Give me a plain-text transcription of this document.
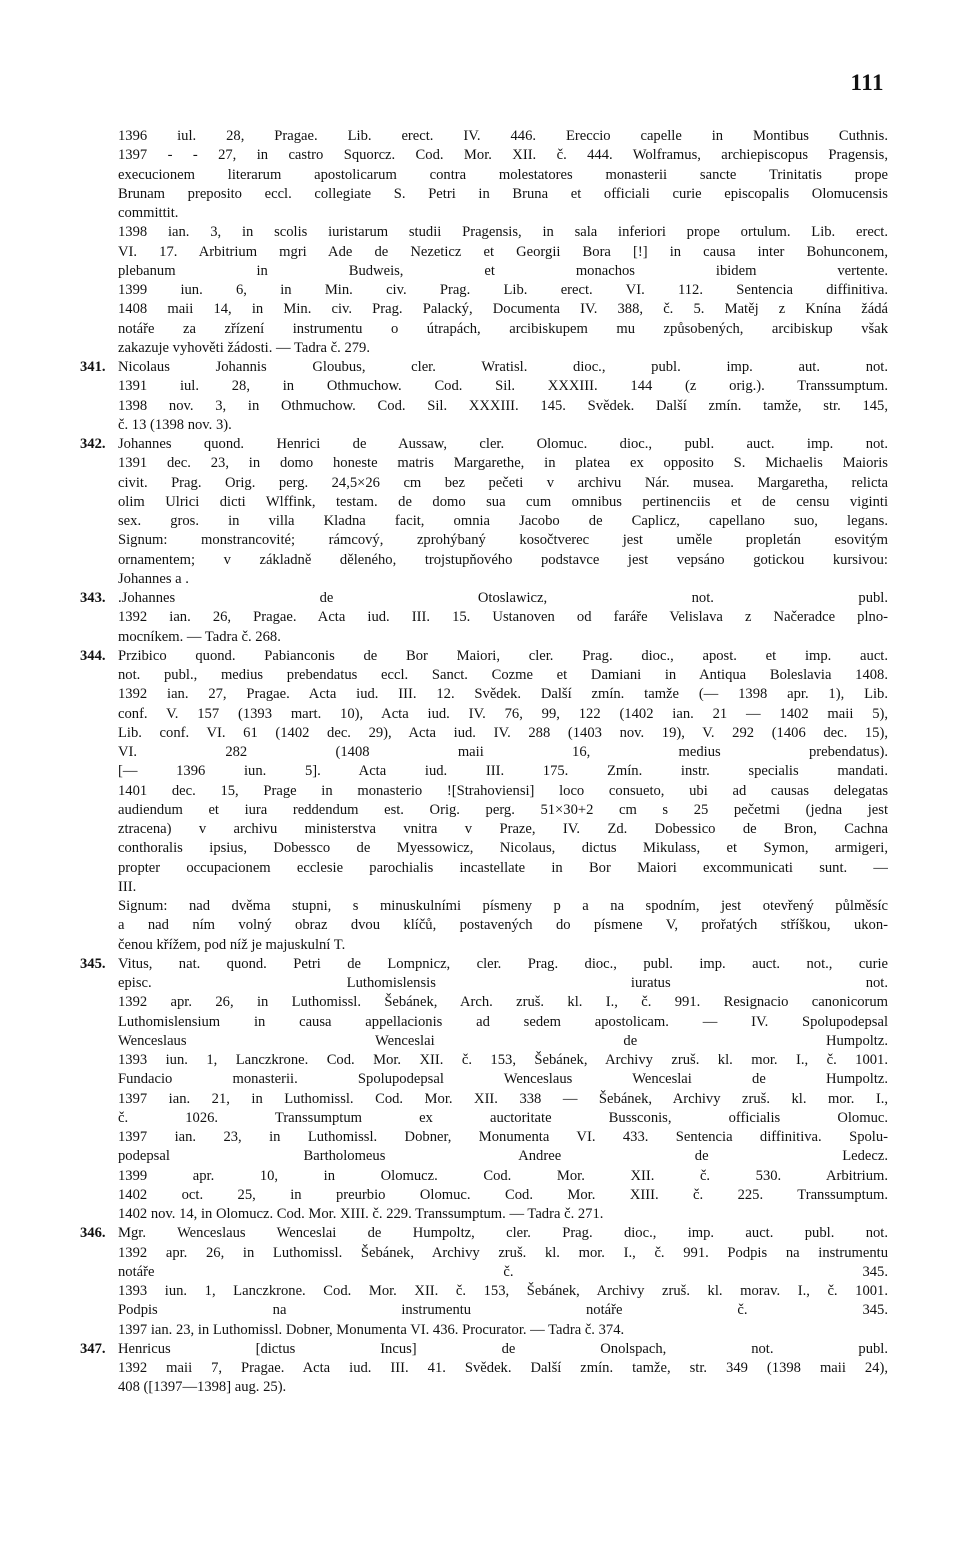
111
1396 iul. 28, Pragae. Lib. erect. IV. 446. Ereccio capelle in Montibus Cuthnis.
1397 - - 27, in castro Squorcz. Cod. Mor. XII. č. 444. Wolframus, archiepiscopus Pragensis,
execucionem literarum apostolicarum contra molestatores monasterii sancte Trinitatis prope
Brunam preposito eccl. collegiate S. Petri in Bruna et officiali curie episcopalis Olomucensis
committit.
1398 ian. 3, in scolis iuristarum studii Pragensis, in sala inferiori prope ortulum. Lib. erect.
VI. 17. Arbitrium mgri Ade de Nezeticz et Georgii Bora [!] in causa inter Bohunconem,
plebanum in Budweis, et monachos ibidem vertente.
1399 iun. 6, in Min. civ. Prag. Lib. erect. VI. 112. Sentencia diffinitiva.
1408 maii 14, in Min. civ. Prag. Palacký, Documenta IV. 388, č. 5. Matěj z Knína žádá
notáře za zřízení instrumentu o útrapách, arcibiskupem mu způsobených, arcibiskup však
zakazuje vyhověti žádosti. — Tadra č. 279.
341. Nicolaus Johannis Gloubus, cler. Wratisl. dioc., publ. imp. aut. not.
1391 iul. 28, in Othmuchow. Cod. Sil. XXXIII. 144 (z orig.). Transsumptum.
1398 nov. 3, in Othmuchow. Cod. Sil. XXXIII. 145. Svědek. Další zmín. tamže, str. 145,
č. 13 (1398 nov. 3).
342. Johannes quond. Henrici de Aussaw, cler. Olomuc. dioc., publ. auct. imp. not.
1391 dec. 23, in domo honeste matris Margarethe, in platea ex opposito S. Michaelis Maioris
civit. Prag. Orig. perg. 24,5×26 cm bez pečeti v archivu Nár. musea. Margaretha, relicta
olim Ulrici dicti Wlffink, testam. de domo sua cum omnibus pertinenciis et de censu viginti
sex. gros. in villa Kladna facit, omnia Jacobo de Caplicz, capellano suo, legans.
Signum: monstrancovité; rámcový, zprohýbaný kosočtverec jest uměle propletán esovitým
ornamentem; v základně děleného, trojstupňového podstavce jest vepsáno gotickou kursivou:
Johannes a .
343. .Johannes de Otoslawicz, not. publ.
1392 ian. 26, Pragae. Acta iud. III. 15. Ustanoven od faráře Velislava z Načeradce plno-
mocníkem. — Tadra č. 268.
344. Przibico quond. Pabianconis de Bor Maiori, cler. Prag. dioc., apost. et imp. auct.
not. publ., medius prebendatus eccl. Sanct. Cozme et Damiani in Antiqua Boleslavia 1408.
1392 ian. 27, Pragae. Acta iud. III. 12. Svědek. Další zmín. tamže (— 1398 apr. 1), Lib.
conf. V. 157 (1393 mart. 10), Acta iud. IV. 76, 99, 122 (1402 ian. 21 — 1402 maii 5),
Lib. conf. VI. 61 (1402 dec. 29), Acta iud. IV. 288 (1403 nov. 19), V. 292 (1406 dec. 15),
VI. 282 (1408 maii 16, medius prebendatus).
[— 1396 iun. 5]. Acta iud. III. 175. Zmín. instr. specialis mandati.
1401 dec. 15, Prage in monasterio ![Strahoviensi] loco consueto, ubi ad causas delegatas
audiendum et iura reddendum est. Orig. perg. 51×30+2 cm s 25 pečetmi (jedna jest
ztracena) v archivu ministerstva vnitra v Praze, IV. Zd. Dobessico de Bron, Cachna
conthoralis ipsius, Dobessco de Myessowicz, Nicolaus, dictus Mikulass, et Symon, armigeri,
propter occupacionem ecclesie parochialis incastellate in Bor Maiori excommunicati sunt. —
III.
Signum: nad dvěma stupni, s minuskulními písmeny p a na spodním, jest otevřený půlměsíc
a nad ním volný obraz dvou klíčů, postavených do písmene V, prořatých stříškou, ukon-
čenou křížem, pod níž je majuskulní T.
345. Vitus, nat. quond. Petri de Lompnicz, cler. Prag. dioc., publ. imp. auct. not., curie
episc. Luthomislensis iuratus not.
1392 apr. 26, in Luthomissl. Šebánek, Arch. zruš. kl. I., č. 991. Resignacio canonicorum
Luthomislensium in causa appellacionis ad sedem apostolicam. — IV. Spolupodepsal
Wenceslaus Wenceslai de Humpoltz.
1393 iun. 1, Lanczkrone. Cod. Mor. XII. č. 153, Šebánek, Archivy zruš. kl. mor. I., č. 1001.
Fundacio monasterii. Spolupodepsal Wenceslaus Wenceslai de Humpoltz.
1397 ian. 21, in Luthomissl. Cod. Mor. XII. 338 — Šebánek, Archivy zruš. kl. mor. I.,
č. 1026. Transsumptum ex auctoritate Bussconis, officialis Olomuc.
1397 ian. 23, in Luthomissl. Dobner, Monumenta VI. 433. Sentencia diffinitiva. Spolu-
podepsal Bartholomeus Andree de Ledecz.
1399 apr. 10, in Olomucz. Cod. Mor. XII. č. 530. Arbitrium.
1402 oct. 25, in preurbio Olomuc. Cod. Mor. XIII. č. 225. Transsumptum.
1402 nov. 14, in Olomucz. Cod. Mor. XIII. č. 229. Transsumptum. — Tadra č. 271.
346. Mgr. Wenceslaus Wenceslai de Humpoltz, cler. Prag. dioc., imp. auct. publ. not.
1392 apr. 26, in Luthomissl. Šebánek, Archivy zruš. kl. mor. I., č. 991. Podpis na instrumentu
notáře č. 345.
1393 iun. 1, Lanczkrone. Cod. Mor. XII. č. 153, Šebánek, Archivy zruš. kl. morav. I., č. 1001.
Podpis na instrumentu notáře č. 345.
1397 ian. 23, in Luthomissl. Dobner, Monumenta VI. 436. Procurator. — Tadra č. 374.
347. Henricus [dictus Incus] de Onolspach, not. publ.
1392 maii 7, Pragae. Acta iud. III. 41. Svědek. Další zmín. tamže, str. 349 (1398 maii 24),
408 ([1397—1398] aug. 25).
